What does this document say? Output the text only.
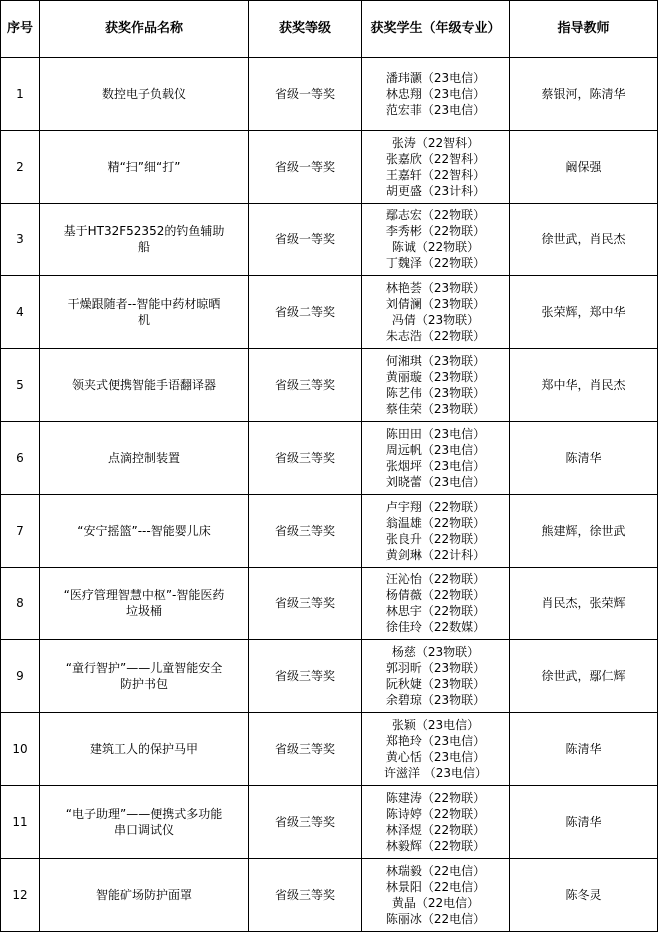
序号	获奖作品名称	获奖等级	获奖学生（年级专业）	指导教师
1	数控电子负载仪	省级一等奖	潘玮灏（23电信）
林忠翔（23电信）
范宏菲（23电信）	蔡银河，陈清华
2	精“扫”细“打”	省级一等奖	张涛（22智科）
张嘉欣（22智科）
王嘉轩（22智科）
胡更盛（23计科）	阚保强
3	基于HT32F52352的钓鱼辅助船	省级一等奖	鄢志宏（22物联）
李秀彬（22物联）
陈诚（22物联）
丁魏泽（22物联）	徐世武，肖民杰
4	干燥跟随者--智能中药材晾晒机	省级二等奖	林艳荟（23物联）
刘倩澜（23物联）
冯倩（23物联）
朱志浩（22物联）	张荣辉，郑中华
5	领夹式便携智能手语翻译器	省级三等奖	何湘琪（23物联）
黄丽璇（23物联）
陈艺伟（23物联）
蔡佳荣（23物联）	郑中华，肖民杰
6	点滴控制装置	省级三等奖	陈田田（23电信）
周远帆（23电信）
张烟坪（23电信）
刘晓蕾（23电信）	陈清华
7	“安宁摇篮”---智能婴儿床	省级三等奖	卢宇翔（22物联）
翁温雄（22物联）
张良升（22物联）
黄剑琳（22计科）	熊建辉，徐世武
8	“医疗管理智慧中枢”-智能医药垃圾桶	省级三等奖	汪沁怡（22物联）
杨倩薇（22物联）
林思宇（22物联）
徐佳玲（22数媒）	肖民杰，张荣辉
9	“童行智护”——儿童智能安全防护书包	省级三等奖	杨慈（23物联）
郭羽昕（23物联）
阮秋婕（23物联）
余碧琼（23物联）	徐世武，鄢仁辉
10	建筑工人的保护马甲	省级三等奖	张颖（23电信）
郑艳玲（23电信）
黄心恬（23电信）
许滋洋 （23电信）	陈清华
11	“电子助理”——便携式多功能串口调试仪	省级三等奖	陈建涛（22物联）
陈诗婷（22物联）
林泽煜（22物联）
林毅辉（22物联）	陈清华
12	智能矿场防护面罩	省级三等奖	林瑞毅（22电信）
林景阳（22电信）
黄晶（22电信）
陈丽冰（22电信）	陈冬灵
